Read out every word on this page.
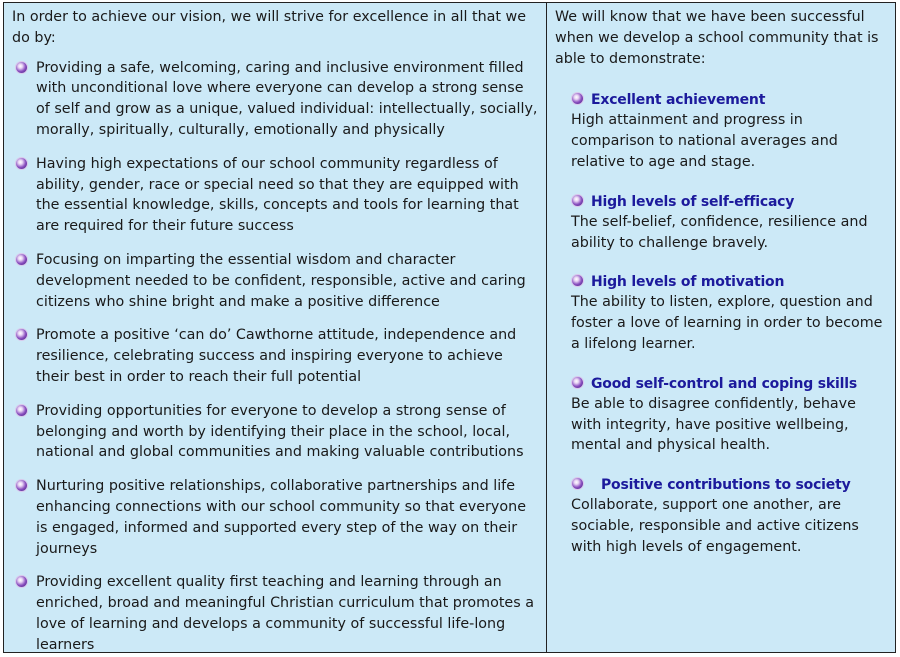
In order to achieve our vision, we will strive for excellence in all that we do by:

Providing a safe, welcoming, caring and inclusive environment filled with unconditional love where everyone can develop a strong sense of self and grow as a unique, valued individual: intellectually, socially, morally, spiritually, culturally, emotionally and physically
Having high expectations of our school community regardless of ability, gender, race or special need so that they are equipped with the essential knowledge, skills, concepts and tools for learning that are required for their future success
Focusing on imparting the essential wisdom and character development needed to be confident, responsible, active and caring citizens who shine bright and make a positive difference
Promote a positive ‘can do’ Cawthorne attitude, independence and resilience, celebrating success and inspiring everyone to achieve their best in order to reach their full potential
Providing opportunities for everyone to develop a strong sense of belonging and worth by identifying their place in the school, local, national and global communities and making valuable contributions
Nurturing positive relationships, collaborative partnerships and life enhancing connections with our school community so that everyone is engaged, informed and supported every step of the way on their journeys
Providing excellent quality first teaching and learning through an enriched, broad and meaningful Christian curriculum that promotes a love of learning and develops a community of successful life-long learners

We will know that we have been successful when we develop a school community that is able to demonstrate:

Excellent achievement

High attainment and progress in comparison to national averages and relative to age and stage.

High levels of self-efficacy

The self-belief, confidence, resilience and ability to challenge bravely.

High levels of motivation

The ability to listen, explore, question and foster a love of learning in order to become a lifelong learner.

Good self-control and coping skills

Be able to disagree confidently, behave with integrity, have positive wellbeing, mental and physical health.

Positive contributions to society

Collaborate, support one another, are sociable, responsible and active citizens with high levels of engagement.
